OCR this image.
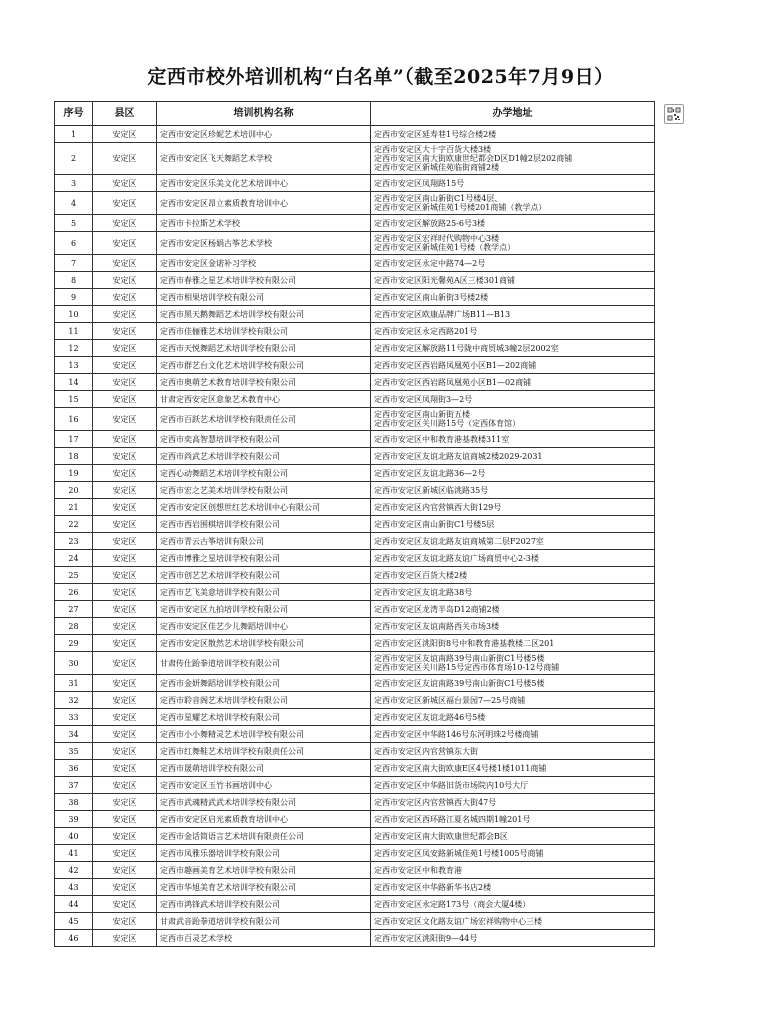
定西市校外培训机构“白名单”（截至2025年7月9日）
序号	县区	培训机构名称	办学地址
1	安定区	定西市安定区珍妮艺术培训中心	定西市安定区延寿巷1号综合楼2楼

2	安定区	定西市安定区飞天舞蹈艺术学校	定西市安定区大十字百货大楼3楼
定西市安定区南大街欧康世纪都会D区D1幢2层202商铺
定西市安定区新城佳苑临街商铺2楼

3	安定区	定西市安定区乐美文化艺术培训中心	定西市安定区凤翔路15号

4	安定区	定西市安定区昂立素质教育培训中心	定西市安定区南山新街C1号楼4层、
定西市安定区新城佳苑1号楼201商铺（教学点）

5	安定区	定西市卡拉斯艺术学校	定西市安定区解放路25-6号3楼

6	安定区	定西市安定区杨娟古筝艺术学校	定西市安定区宏祥时代购物中心3楼
定西市安定区新城佳苑1号楼（教学点）

7	安定区	定西市安定区金诺补习学校	定西市安定区永定中路74—2号

8	安定区	定西市春雅之星艺术培训学校有限公司	定西市安定区阳光馨苑A区三楼301商铺

9	安定区	定西市相果培训学校有限公司	定西市安定区南山新街3号楼2楼

10	安定区	定西市黑天鹅舞蹈艺术培训学校有限公司	定西市安定区欧康品牌广场B11—B13

11	安定区	定西市佳俪雅艺术培训学校有限公司	定西市安定区永定西路201号

12	安定区	定西市天悦舞蹈艺术培训学校有限公司	定西市安定区解放路11号陇中商贸城3幢2层2002室

13	安定区	定西市群艺台文化艺术培训学校有限公司	定西市安定区西岩路凤凰苑小区B1—202商铺

14	安定区	定西市奥萌艺术教育培训学校有限公司	定西市安定区西岩路凤凰苑小区B1—02商铺

15	安定区	甘肃定西安定区意象艺术教育中心	定西市安定区凤翔街3—2号

16	安定区	定西市百跃艺术培训学校有限责任公司	定西市安定区南山新街五楼
定西市安定区关川路15号（定西体育馆）

17	安定区	定西市奕高智慧培训学校有限公司	定西市安定区中和教育港基教楼311室

18	安定区	定西市尚武艺术培训学校有限公司	定西市安定区友谊北路友谊商城2楼2029-2031

19	安定区	定西心动舞蹈艺术培训学校有限公司	定西市安定区友谊北路36—2号

20	安定区	定西市宏之艺美术培训学校有限公司	定西市安定区新城区临洮路35号

21	安定区	定西市安定区创想世红艺术培训中心有限公司	定西市安定区内官营镇西大街129号

22	安定区	定西市西岩围棋培训学校有限公司	定西市安定区南山新街C1号楼5层

23	安定区	定西市青云古筝培训有限公司	定西市安定区友谊北路友谊商城第二层F2027室

24	安定区	定西市博雅之星培训学校有限公司	定西市安定区友谊北路友谊广场商贸中心2-3楼

25	安定区	定西市创艺艺术培训学校有限公司	定西市安定区百货大楼2楼

26	安定区	定西市艺飞美意培训学校有限公司	定西市安定区友谊北路38号

27	安定区	定西市安定区九拍培训学校有限公司	定西市安定区龙湾半岛D12商铺2楼

28	安定区	定西市安定区佳艺少儿舞蹈培训中心	定西市安定区友谊南路西关市场3楼

29	安定区	定西市安定区散然艺术培训学校有限公司	定西市安定区洮阳街8号中和教育港基教楼二区201

30	安定区	甘肃传仕跆拳道培训学校有限公司	定西市安定区友谊南路39号南山新街C1号楼5楼
定西市安定区关川路15号定西市体育场10-12号商铺

31	安定区	定西市金妍舞蹈培训学校有限公司	定西市安定区友谊南路39号南山新街C1号楼5楼

32	安定区	定西市聆音阁艺术培训学校有限公司	定西市安定区新城区福台景园7—25号商铺

33	安定区	定西市星耀艺术培训学校有限公司	定西市安定区友谊北路46号5楼

34	安定区	定西市小小舞精灵艺术培训学校有限公司	定西市安定区中华路146号东河明珠2号楼商铺

35	安定区	定西市红舞鞋艺术培训学校有限责任公司	定西市安定区内官营镇东大街

36	安定区	定西市晟萌培训学校有限公司	定西市安定区南大街欧康E区4号楼1楼1011商铺

37	安定区	定西市安定区玉竹书画培训中心	定西市安定区中华路旧货市场院内10号大厅

38	安定区	定西市武魂精武武术培训学校有限公司	定西市安定区内官营镇西大街47号

39	安定区	定西市安定区启光素质教育培训中心	定西市安定区西环路江夏名城四期1幢201号

40	安定区	定西市金话简语言艺术培训有限责任公司	定西市安定区南大街欧康世纪都会B区

41	安定区	定西市凤雅乐器培训学校有限公司	定西市安定区凤安路新城佳苑1号楼1005号商铺

42	安定区	定西市趣画美育艺术培训学校有限公司	定西市安定区中和教育港

43	安定区	定西市华旭美育艺术培训学校有限公司	定西市安定区中华路新华书店2楼

44	安定区	定西市鸿锋武术培训学校有限公司	定西市安定区永定路173号（商会大厦4楼）

45	安定区	甘肃武音跆拳道培训学校有限公司	定西市安定区文化路友谊广场宏祥购物中心三楼

46	安定区	定西市百灵艺术学校	定西市安定区洮阳街9—44号
